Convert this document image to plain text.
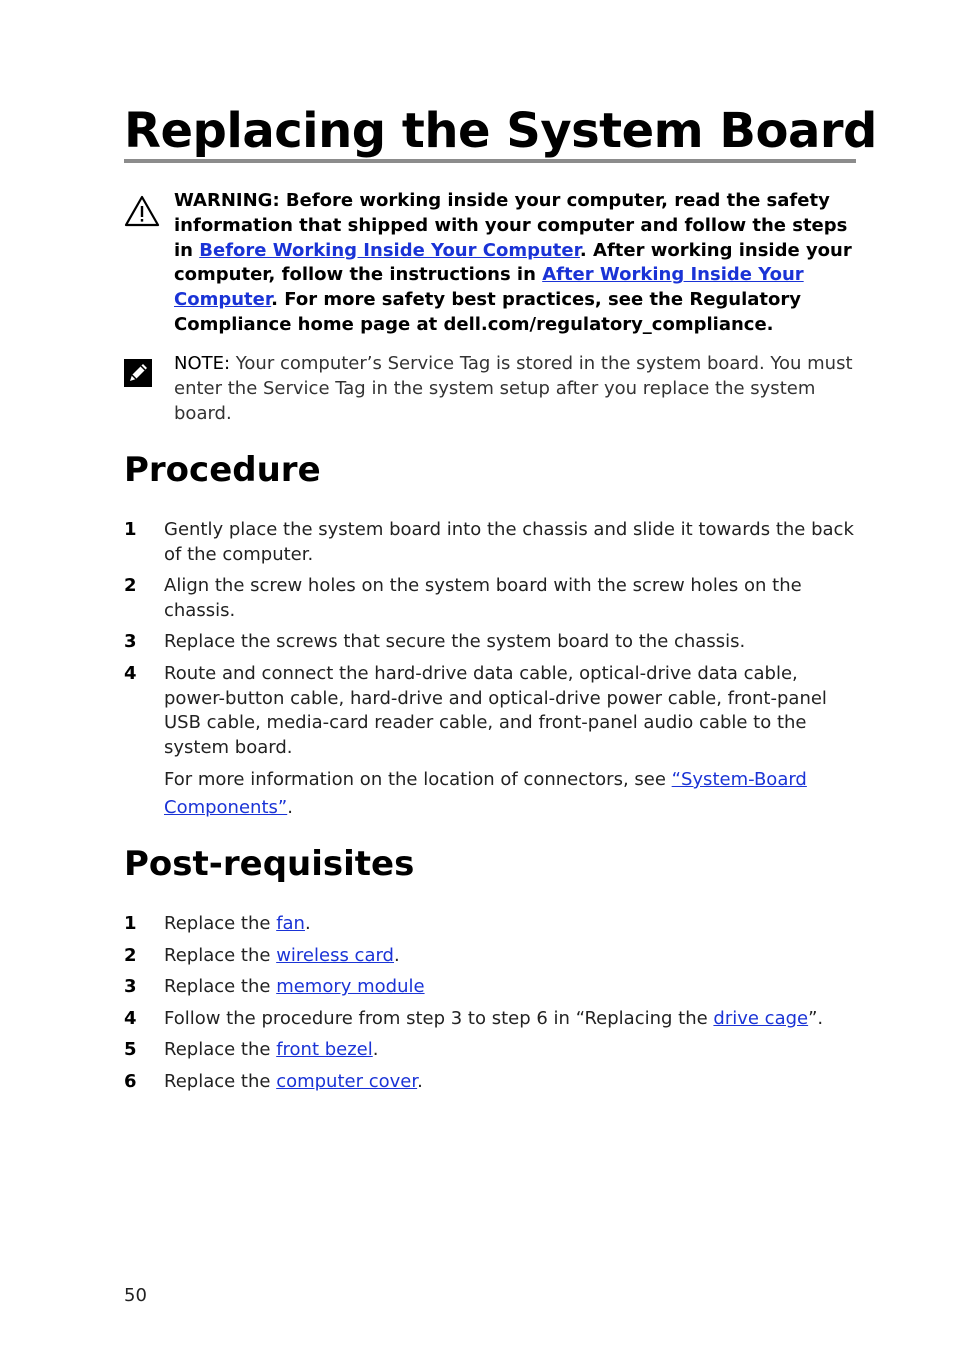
Replacing the System Board
WARNING: Before working inside your computer, read the safety information that shipped with your computer and follow the steps in Before Working Inside Your Computer. After working inside your computer, follow the instructions in After Working Inside Your Computer. For more safety best practices, see the Regulatory Compliance home page at dell.com/regulatory_compliance.
NOTE: Your computer’s Service Tag is stored in the system board. You must enter the Service Tag in the system setup after you replace the system board.
Procedure
1 Gently place the system board into the chassis and slide it towards the back of the computer.
2 Align the screw holes on the system board with the screw holes on the chassis.
3 Replace the screws that secure the system board to the chassis.
4 Route and connect the hard-drive data cable, optical-drive data cable, power-button cable, hard-drive and optical-drive power cable, front-panel USB cable, media-card reader cable, and front-panel audio cable to the system board.
For more information on the location of connectors, see “System-Board Components”.
Post-requisites
1 Replace the fan.
2 Replace the wireless card.
3 Replace the memory module
4 Follow the procedure from step 3 to step 6 in “Replacing the drive cage”.
5 Replace the front bezel.
6 Replace the computer cover.
50
